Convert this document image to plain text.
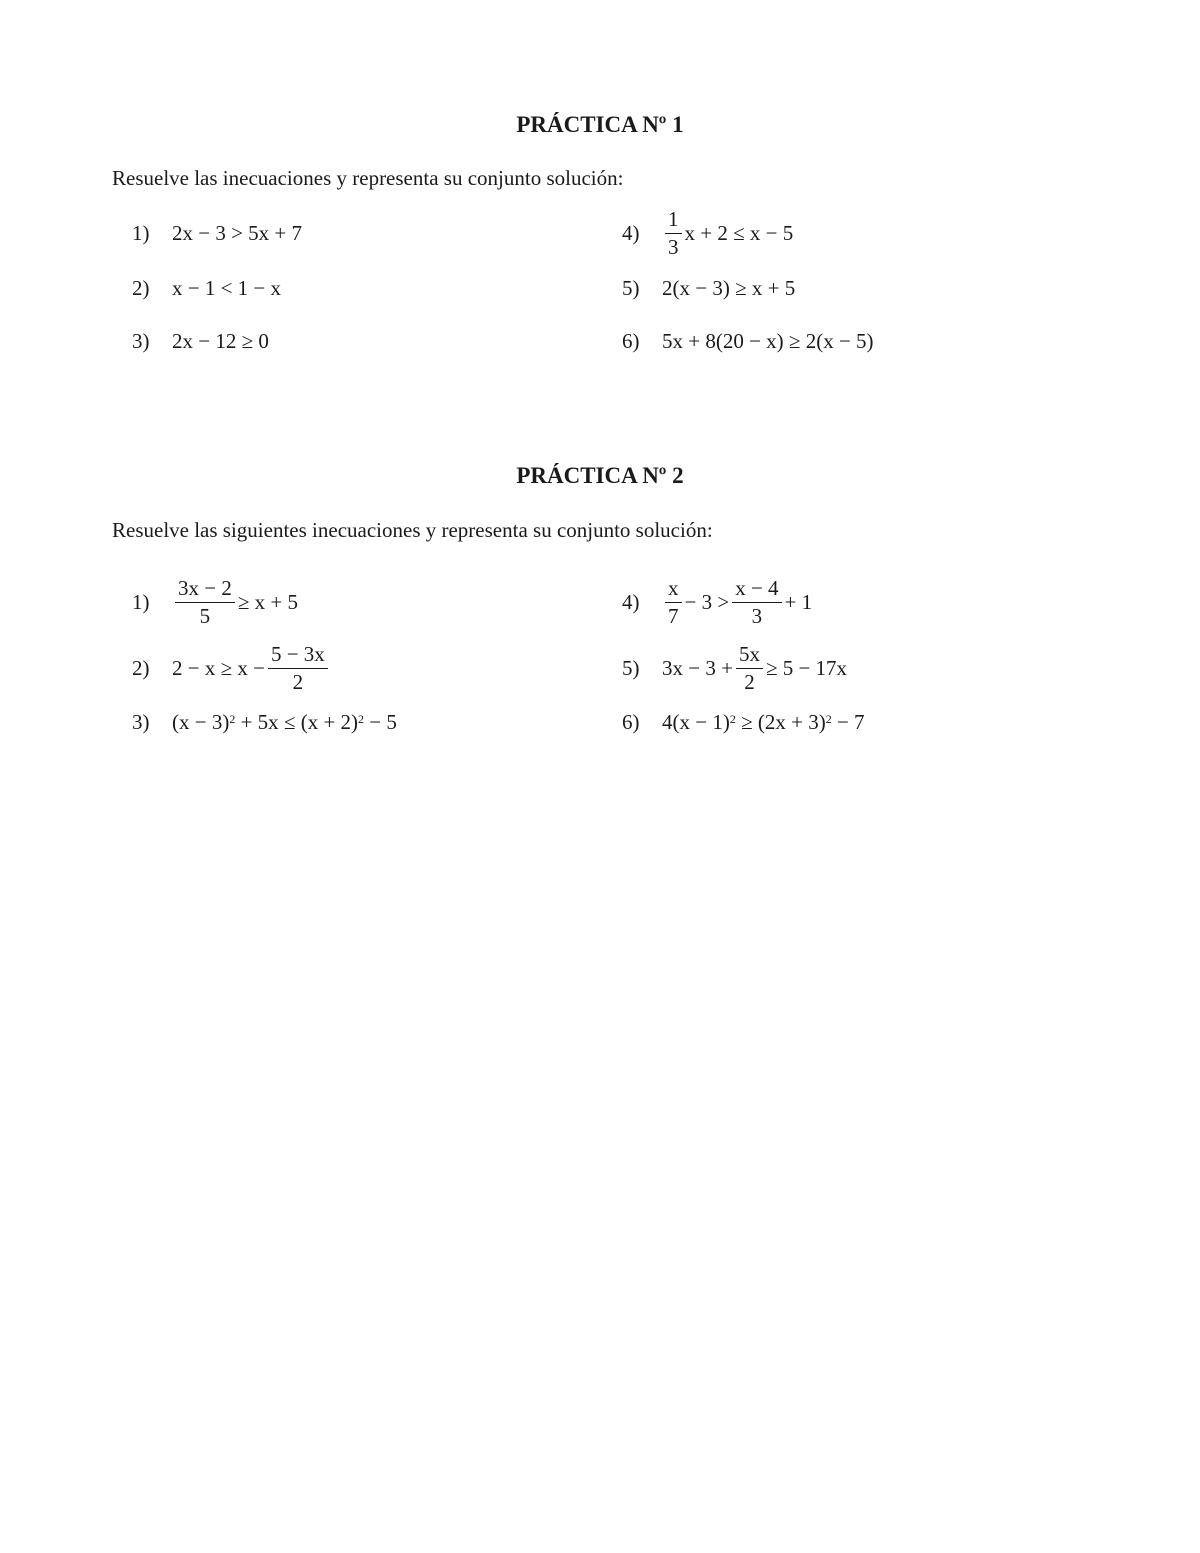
PRÁCTICA Nº 1
Resuelve las inecuaciones y representa su conjunto solución:
1)	2x − 3 > 5x + 7
2)	x − 1 < 1 − x
3)	2x − 12 ≥ 0
4)	$\frac{1}{3}$ x + 2 ≤ x − 5
5)	2(x − 3) ≥ x + 5
6)	5x + 8(20 − x) ≥ 2(x − 5)
PRÁCTICA Nº 2
Resuelve las siguientes inecuaciones y representa su conjunto solución:
1)	$\frac{3x - 2}{5} \ge x + 5$
2)	$2 - x \ge x - \frac{5 - 3x}{2}$
3)	$(x - 3)^2 + 5x \le (x + 2)^2 - 5$
4)	$\frac{x}{7} - 3 > \frac{x - 4}{3} + 1$
5)	$3x - 3 + \frac{5x}{2} \ge 5 - 17x$
6)	$4(x - 1)^2 \ge (2x + 3)^2 - 7$
